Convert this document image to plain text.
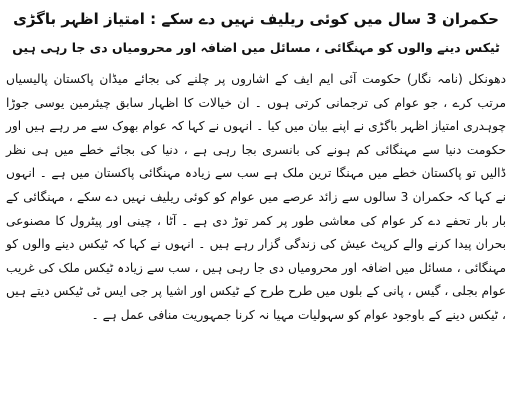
حکمران 3 سال میں کوئی ریلیف نہیں دے سکے : امتیاز اظہر باگڑی
ٹیکس دینے والوں کو مہنگائی ، مسائل میں اضافہ اور محرومیاں دی جا رہی ہیں

دھونکل (نامہ نگار) حکومت آئی ایم ایف کے اشاروں پر چلنے کی بجائے میڈان پاکستان پالیسیاں مرتب کرے ، جو عوام کی ترجمانی کرتی ہوں ۔ ان خیالات کا اظہار سابق چیئرمین یوسی جوڑا چوہدری امتیاز اظہر باگڑی نے اپنے بیان میں کیا ۔ انہوں نے کہا کہ عوام بھوک سے مر رہے ہیں اور حکومت دنیا سے مہنگائی کم ہونے کی بانسری بجا رہی ہے ، دنیا کی بجائے خطے میں ہی نظر ڈالیں تو پاکستان خطے میں مہنگا ترین ملک ہے سب سے زیادہ مہنگائی پاکستان میں ہے ۔ انہوں نے کہا کہ حکمران 3 سالوں سے زائد عرصے میں عوام کو کوئی ریلیف نہیں دے سکے ، مہنگائی کے بار بار تحفے دے کر عوام کی معاشی طور پر کمر توڑ دی ہے ۔ آٹا ، چینی اور پیٹرول کا مصنوعی بحران پیدا کرنے والے کرپٹ عیش کی زندگی گزار رہے ہیں ۔ انہوں نے کہا کہ ٹیکس دینے والوں کو مہنگائی ، مسائل میں اضافہ اور محرومیاں دی جا رہی ہیں ، سب سے زیادہ ٹیکس ملک کی غریب عوام بجلی ، گیس ، پانی کے بلوں میں طرح طرح کے ٹیکس اور اشیا پر جی ایس ٹی ٹیکس دیتے ہیں ، ٹیکس دینے کے باوجود عوام کو سہولیات مہیا نہ کرنا جمہوریت منافی عمل ہے ۔
